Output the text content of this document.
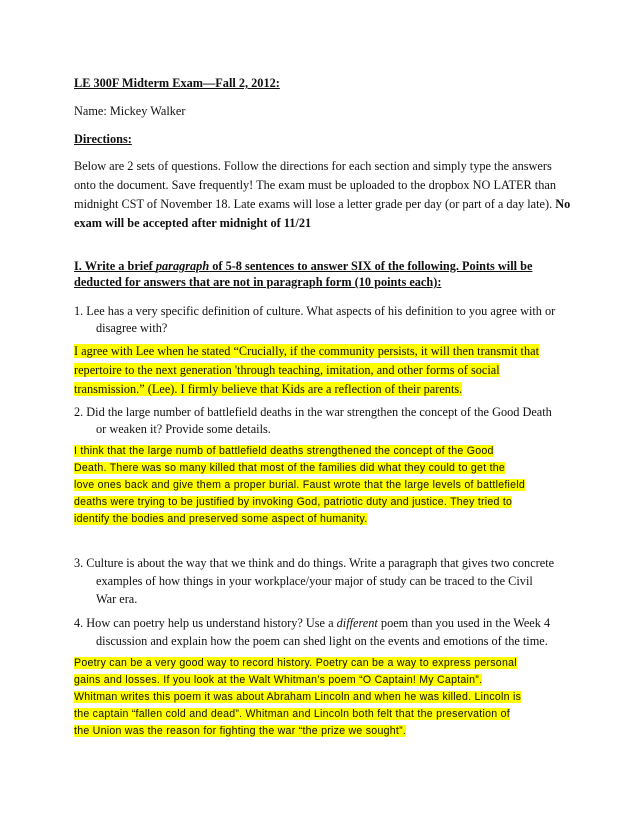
LE 300F Midterm Exam—Fall 2, 2012:
Name: Mickey Walker
Directions:
Below are 2 sets of questions. Follow the directions for each section and simply type the answers
onto the document. Save frequently! The exam must be uploaded to the dropbox NO LATER than
midnight CST of November 18. Late exams will lose a letter grade per day (or part of a day late). No
exam will be accepted after midnight of 11/21
I. Write a brief paragraph of 5-8 sentences to answer SIX of the following. Points will be
deducted for answers that are not in paragraph form (10 points each):
1. Lee has a very specific definition of culture. What aspects of his definition to you agree with or
disagree with?
I agree with Lee when he stated “Crucially, if the community persists, it will then transmit that
repertoire to the next generation 'through teaching, imitation, and other forms of social
transmission.” (Lee). I firmly believe that Kids are a reflection of their parents.
2. Did the large number of battlefield deaths in the war strengthen the concept of the Good Death
or weaken it? Provide some details.
I think that the large numb of battlefield deaths strengthened the concept of the Good
Death. There was so many killed that most of the families did what they could to get the
love ones back and give them a proper burial. Faust wrote that the large levels of battlefield
deaths were trying to be justified by invoking God, patriotic duty and justice. They tried to
identify the bodies and preserved some aspect of humanity.
3. Culture is about the way that we think and do things. Write a paragraph that gives two concrete
examples of how things in your workplace/your major of study can be traced to the Civil
War era.
4. How can poetry help us understand history? Use a different poem than you used in the Week 4
discussion and explain how the poem can shed light on the events and emotions of the time.
Poetry can be a very good way to record history. Poetry can be a way to express personal
gains and losses. If you look at the Walt Whitman’s poem “O Captain! My Captain”.
Whitman writes this poem it was about Abraham Lincoln and when he was killed. Lincoln is
the captain “fallen cold and dead”. Whitman and Lincoln both felt that the preservation of
the Union was the reason for fighting the war “the prize we sought”.
